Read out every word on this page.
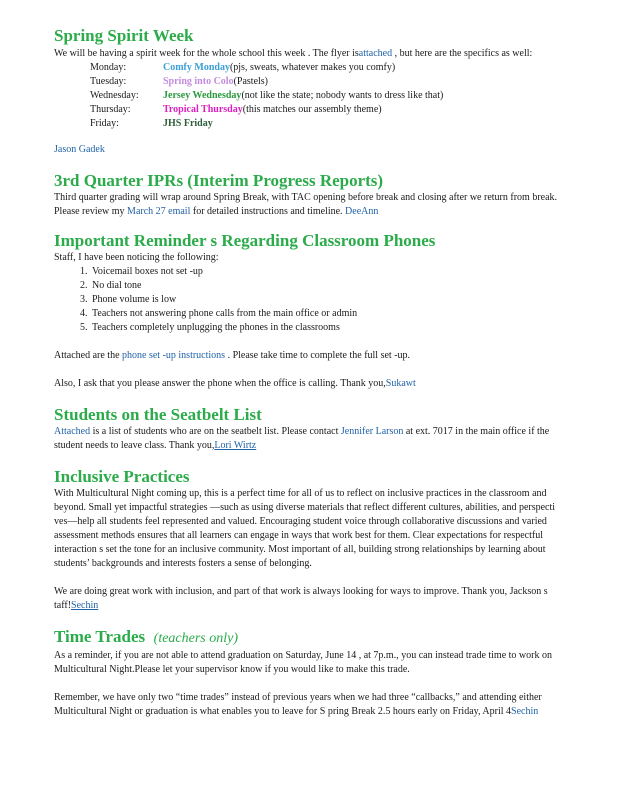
Spring Spirit Week

We will be having a spirit week for the whole school this week . The flyer isattached , but here are the specifics as well:

Monday:	Comfy Monday (pjs, sweats, whatever makes you comfy)
Tuesday:	Spring into Colo (Pastels)
Wednesday:	Jersey Wednesday (not like the state; nobody wants to dress like that)
Thursday:	Tropical Thursday (this matches our assembly theme)
Friday:	JHS Friday

Jason Gadek

3rd Quarter IPRs (Interim Progress Reports)

Third quarter grading will wrap around Spring Break, with TAC opening before break and closing after we return from break. Please review my March 27 email for detailed instructions and timeline. DeeAnn

Important Reminder s Regarding Classroom Phones

Staff, I have been noticing the following:

1. Voicemail boxes not set -up
2. No dial tone
3. Phone volume is low
4. Teachers not answering phone calls from the main office or admin
5. Teachers completely unplugging the phones in the classrooms

Attached are the phone set -up instructions . Please take time to complete the full set -up.

Also, I ask that you please answer the phone when the office is calling. Thank you,Sukawt

Students on the Seatbelt List

Attached is a list of students who are on the seatbelt list. Please contact Jennifer Larson at ext. 7017 in the main office if the student needs to leave class. Thank you,Lori Wirtz

Inclusive Practices

With Multicultural Night coming up, this is a perfect time for all of us to reflect on inclusive practices in the classroom and beyond. Small yet impactful strategies —such as using diverse materials that reflect different cultures, abilities, and perspecti ves—help all students feel represented and valued. Encouraging student voice through collaborative discussions and varied assessment methods ensures that all learners can engage in ways that work best for them. Clear expectations for respectful interaction s set the tone for an inclusive community. Most important of all, building strong relationships by learning about students’ backgrounds and interests fosters a sense of belonging.

We are doing great work with inclusion, and part of that work is always looking for ways to improve. Thank you, Jackson s taff!Sechin

Time Trades (teachers only)

As a reminder, if you are not able to attend graduation on Saturday, June 14 , at 7p.m., you can instead trade time to work on Multicultural Night.Please let your supervisor know if you would like to make this trade.

Remember, we have only two “time trades” instead of previous years when we had three “callbacks,” and attending either Multicultural Night or graduation is what enables you to leave for S pring Break 2.5 hours early on Friday, April 4Sechin
